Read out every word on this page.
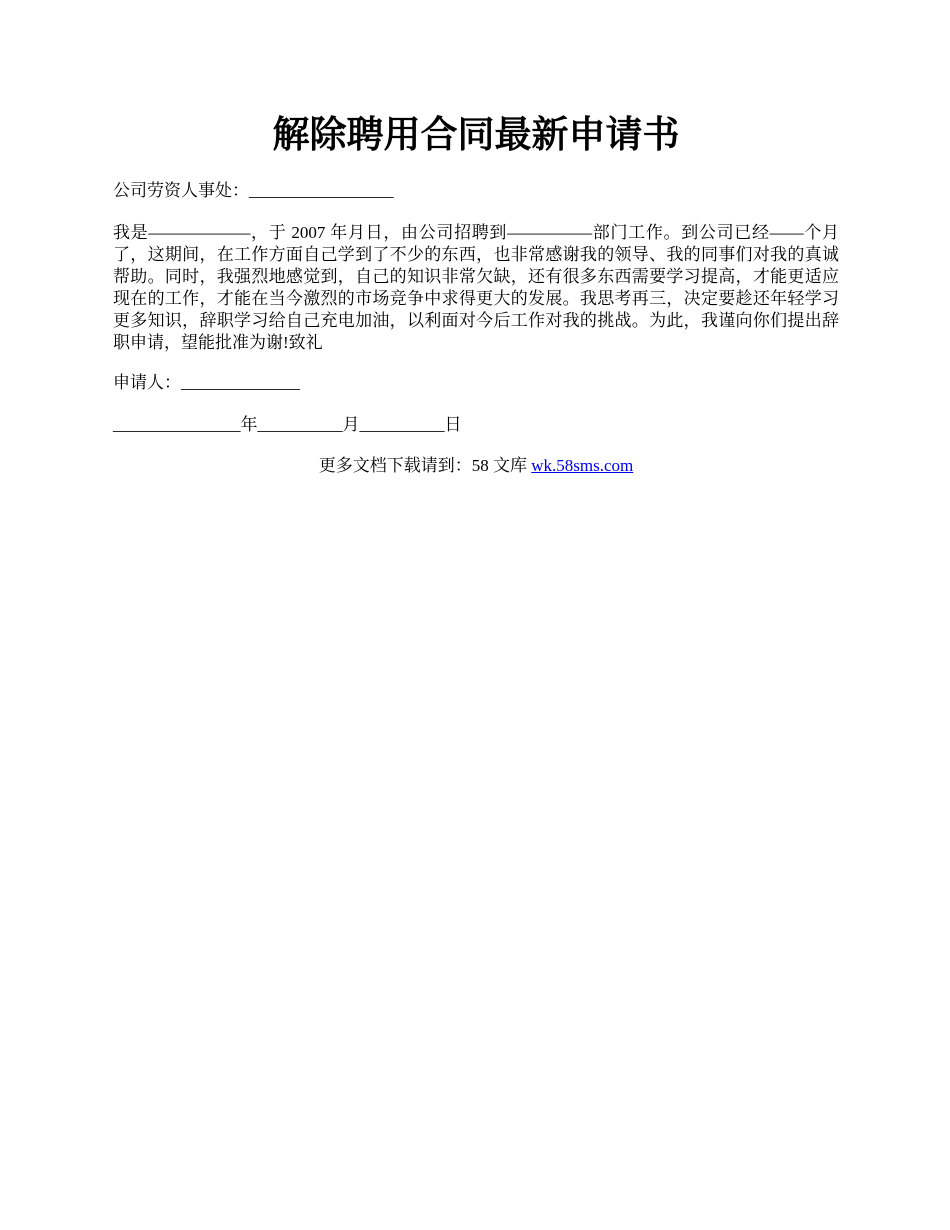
解除聘用合同最新申请书
公司劳资人事处：_________________
我是——————，于 2007 年月日，由公司招聘到—————部门工作。到公司已经——个月了，这期间，在工作方面自己学到了不少的东西，也非常感谢我的领导、我的同事们对我的真诚帮助。同时，我强烈地感觉到，自己的知识非常欠缺，还有很多东西需要学习提高，才能更适应现在的工作，才能在当今激烈的市场竞争中求得更大的发展。我思考再三，决定要趁还年轻学习更多知识，辞职学习给自己充电加油，以利面对今后工作对我的挑战。为此，我谨向你们提出辞职申请，望能批准为谢!致礼
申请人：______________
_______________年__________月__________日
更多文档下载请到：58 文库 wk.58sms.com
